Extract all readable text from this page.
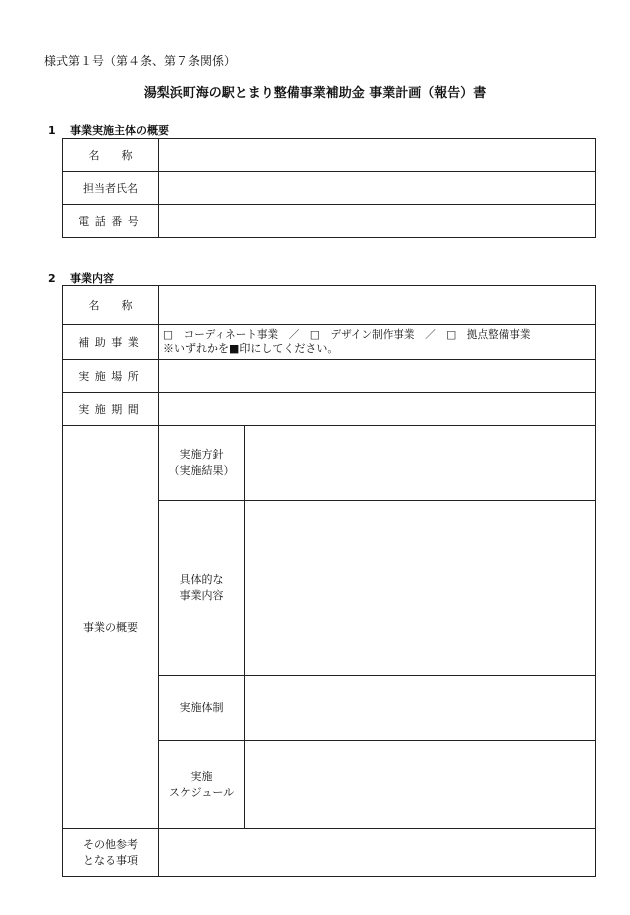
様式第１号（第４条、第７条関係）
湯梨浜町海の駅とまり整備事業補助金 事業計画（報告）書
1 事業実施主体の概要
名　　称	
担当者氏名	
電話番号	
2 事業内容
名　　称		
補助事業	□　コーディネート事業　／　□　デザイン制作事業　／　□　拠点整備事業
※いずれかを■印にしてください。	

実施場所		
実施期間		
事業の概要	実施方針
（実施結果）	

	具体的な
事業内容	

	実施体制	

	実施
スケジュール	

その他参考
となる事項		
